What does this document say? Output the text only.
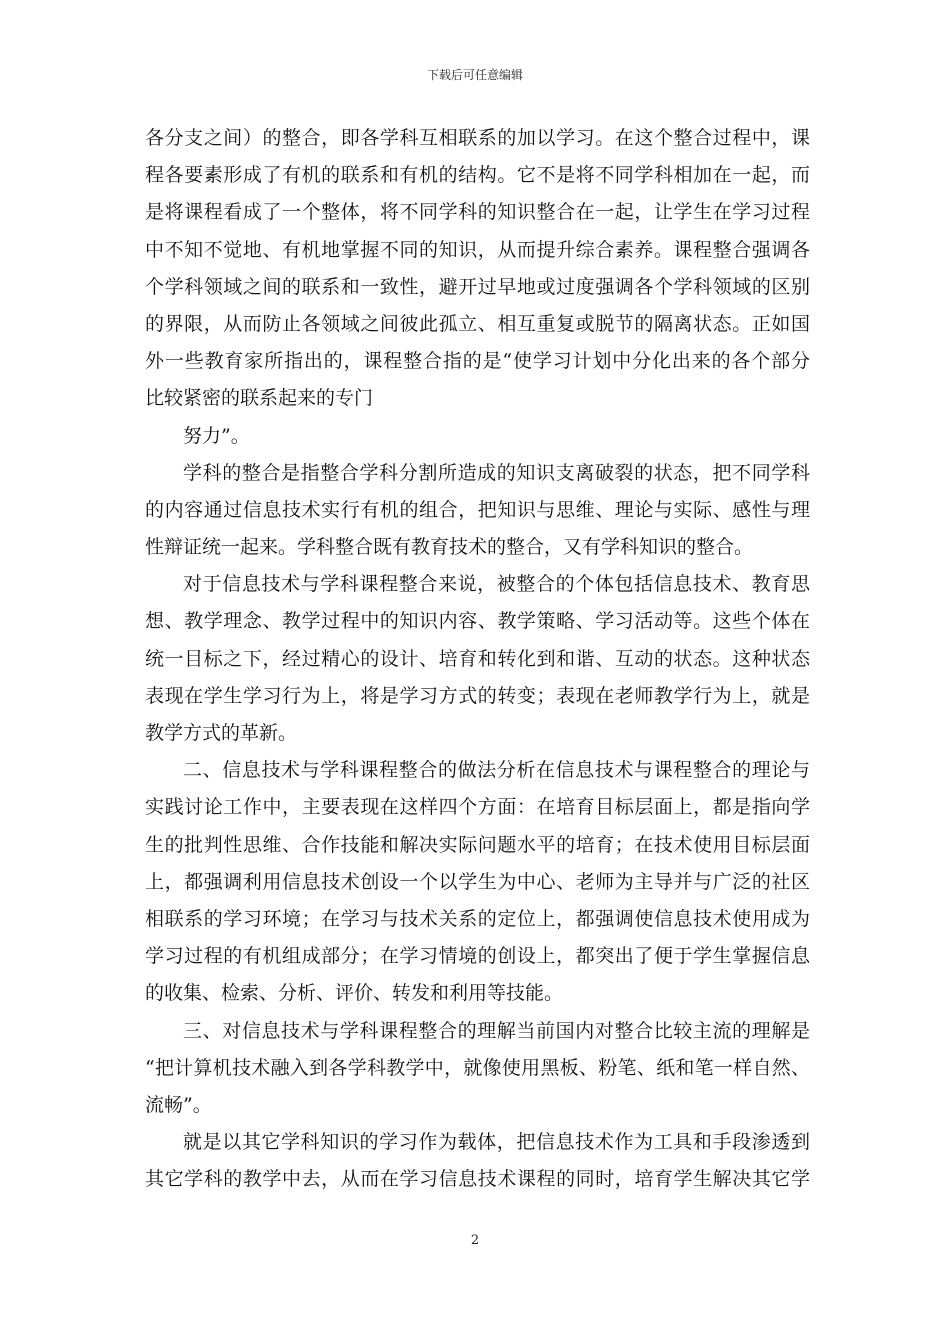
下载后可任意编辑
各分支之间）的整合，即各学科互相联系的加以学习。在这个整合过程中，课
程各要素形成了有机的联系和有机的结构。它不是将不同学科相加在一起，而
是将课程看成了一个整体，将不同学科的知识整合在一起，让学生在学习过程
中不知不觉地、有机地掌握不同的知识，从而提升综合素养。课程整合强调各
个学科领域之间的联系和一致性，避开过早地或过度强调各个学科领域的区别
的界限，从而防止各领域之间彼此孤立、相互重复或脱节的隔离状态。正如国
外一些教育家所指出的，课程整合指的是“使学习计划中分化出来的各个部分
比较紧密的联系起来的专门
努力”。
学科的整合是指整合学科分割所造成的知识支离破裂的状态，把不同学科
的内容通过信息技术实行有机的组合，把知识与思维、理论与实际、感性与理
性辩证统一起来。学科整合既有教育技术的整合，又有学科知识的整合。
对于信息技术与学科课程整合来说，被整合的个体包括信息技术、教育思
想、教学理念、教学过程中的知识内容、教学策略、学习活动等。这些个体在
统一目标之下，经过精心的设计、培育和转化到和谐、互动的状态。这种状态
表现在学生学习行为上，将是学习方式的转变；表现在老师教学行为上，就是
教学方式的革新。
二、信息技术与学科课程整合的做法分析在信息技术与课程整合的理论与
实践讨论工作中，主要表现在这样四个方面：在培育目标层面上，都是指向学
生的批判性思维、合作技能和解决实际问题水平的培育；在技术使用目标层面
上，都强调利用信息技术创设一个以学生为中心、老师为主导并与广泛的社区
相联系的学习环境；在学习与技术关系的定位上，都强调使信息技术使用成为
学习过程的有机组成部分；在学习情境的创设上，都突出了便于学生掌握信息
的收集、检索、分析、评价、转发和利用等技能。
三、对信息技术与学科课程整合的理解当前国内对整合比较主流的理解是
“把计算机技术融入到各学科教学中，就像使用黑板、粉笔、纸和笔一样自然、
流畅”。
就是以其它学科知识的学习作为载体，把信息技术作为工具和手段渗透到
其它学科的教学中去，从而在学习信息技术课程的同时，培育学生解决其它学
2
